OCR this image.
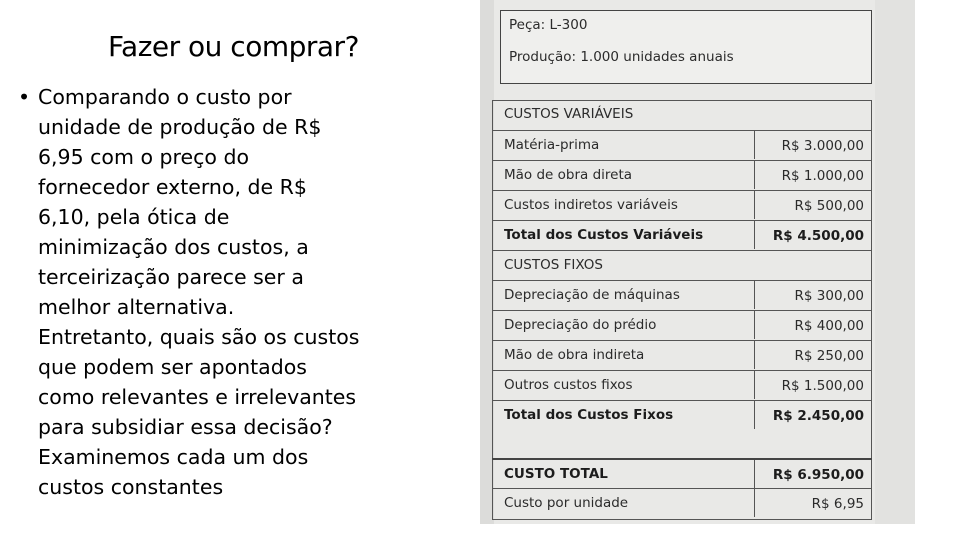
Fazer ou comprar?
• Comparando o custo por
unidade de produção de R$
6,95 com o preço do
fornecedor externo, de R$
6,10, pela ótica de
minimização dos custos, a
terceirização parece ser a
melhor alternativa.
Entretanto, quais são os custos
que podem ser apontados
como relevantes e irrelevantes
para subsidiar essa decisão?
Examinemos cada um dos
custos constantes
Peça: L-300
Produção: 1.000 unidades anuais
CUSTOS VARIÁVEIS
Matéria-prima	R$ 3.000,00
Mão de obra direta	R$ 1.000,00
Custos indiretos variáveis	R$ 500,00
Total dos Custos Variáveis	R$ 4.500,00
CUSTOS FIXOS
Depreciação de máquinas	R$ 300,00
Depreciação do prédio	R$ 400,00
Mão de obra indireta	R$ 250,00
Outros custos fixos	R$ 1.500,00
Total dos Custos Fixos	R$ 2.450,00
CUSTO TOTAL	R$ 6.950,00
Custo por unidade	R$ 6,95
